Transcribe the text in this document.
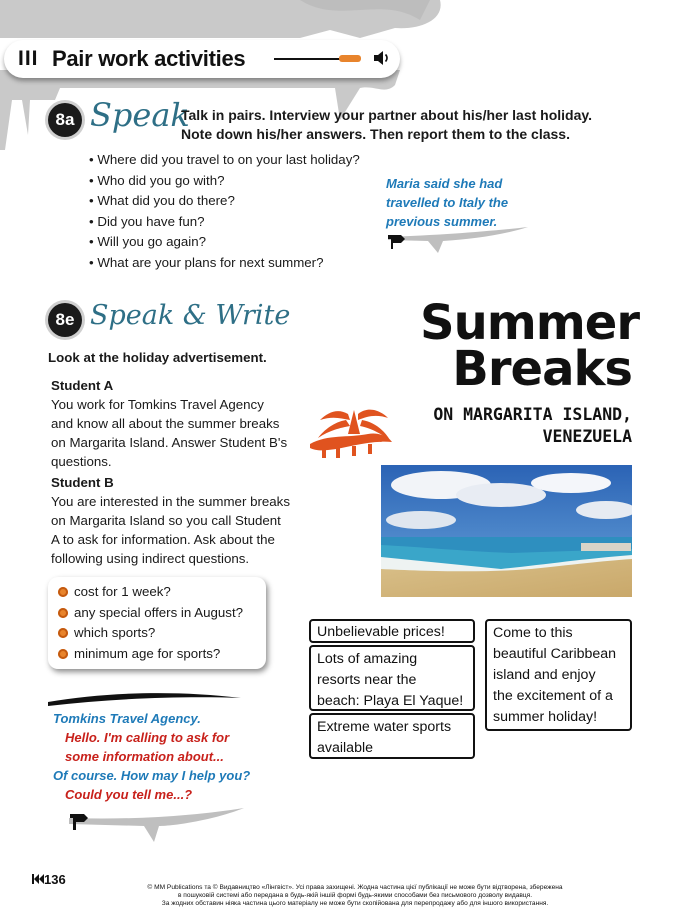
III Pair work activities
8a Speak
Talk in pairs. Interview your partner about his/her last holiday.
Note down his/her answers. Then report them to the class.
• Where did you travel to on your last holiday?
• Who did you go with?
• What did you do there?
• Did you have fun?
• Will you go again?
• What are your plans for next summer?
Maria said she had
travelled to Italy the
previous summer.
8e Speak & Write
Look at the holiday advertisement.
Student A
You work for Tomkins Travel Agency
and know all about the summer breaks
on Margarita Island. Answer Student B's
questions.
Student B
You are interested in the summer breaks
on Margarita Island so you call Student
A to ask for information. Ask about the
following using indirect questions.
cost for 1 week?
any special offers in August?
which sports?
minimum age for sports?
Tomkins Travel Agency.
Hello. I'm calling to ask for
some information about...
Of course. How may I help you?
Could you tell me...?
Summer
Breaks
ON MARGARITA ISLAND,
VENEZUELA
Unbelievable prices!
Lots of amazing
resorts near the
beach: Playa El Yaque!
Extreme water sports
available
Come to this
beautiful Caribbean
island and enjoy
the excitement of a
summer holiday!
136
© MM Publications та © Видавництво «Лінгвіст». Усі права захищені. Жодна частина цієї публікації не може бути відтворена, збережена
в пошуковій системі або передана в будь-якій іншій формі будь-якими способами без письмового дозволу видавця.
За жодних обставин ніяка частина цього матеріалу не може бути скопійована для перепродажу або для іншого використання.
